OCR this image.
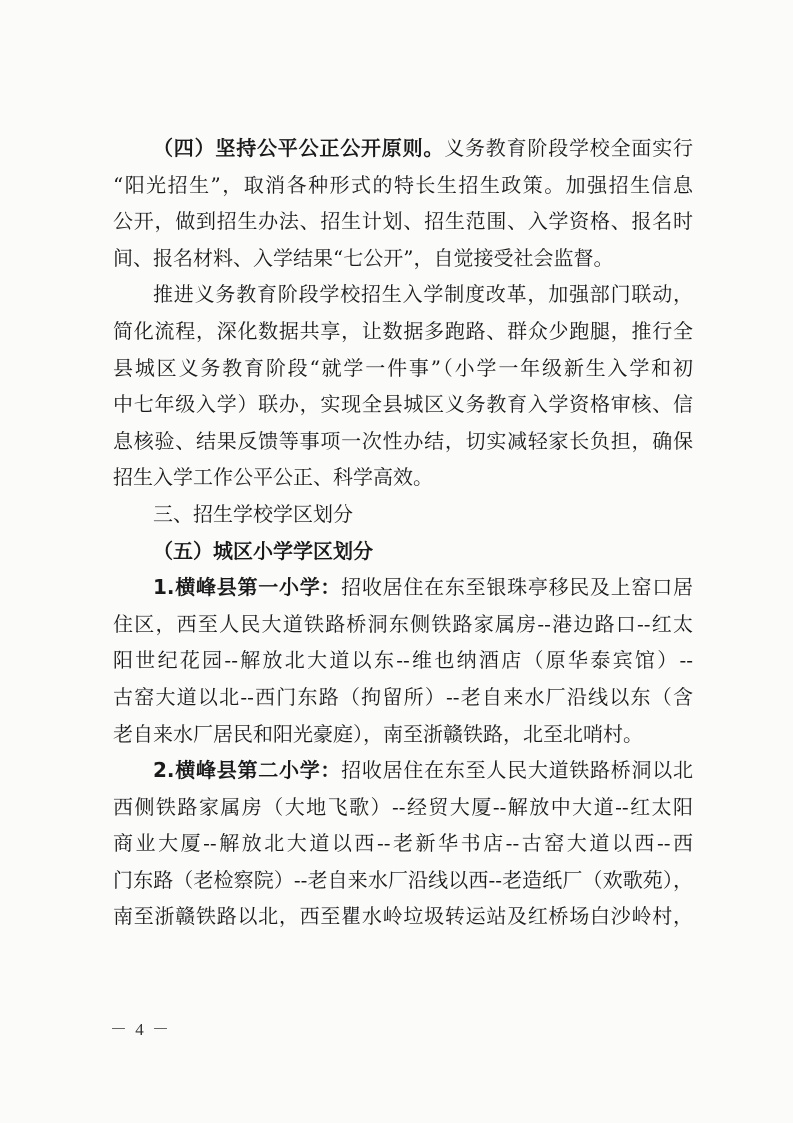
（四）坚持公平公正公开原则。义务教育阶段学校全面实行
“阳光招生”，取消各种形式的特长生招生政策。加强招生信息
公开，做到招生办法、招生计划、招生范围、入学资格、报名时
间、报名材料、入学结果“七公开”，自觉接受社会监督。
推进义务教育阶段学校招生入学制度改革，加强部门联动，
简化流程，深化数据共享，让数据多跑路、群众少跑腿，推行全
县城区义务教育阶段“就学一件事”（小学一年级新生入学和初
中七年级入学）联办，实现全县城区义务教育入学资格审核、信
息核验、结果反馈等事项一次性办结，切实减轻家长负担，确保
招生入学工作公平公正、科学高效。
三、招生学校学区划分
（五）城区小学学区划分
1.横峰县第一小学：招收居住在东至银珠亭移民及上窑口居
住区，西至人民大道铁路桥洞东侧铁路家属房--港边路口--红太
阳世纪花园--解放北大道以东--维也纳酒店（原华泰宾馆）--
古窑大道以北--西门东路（拘留所）--老自来水厂沿线以东（含
老自来水厂居民和阳光豪庭），南至浙赣铁路，北至北哨村。
2.横峰县第二小学：招收居住在东至人民大道铁路桥洞以北
西侧铁路家属房（大地飞歌）--经贸大厦--解放中大道--红太阳
商业大厦--解放北大道以西--老新华书店--古窑大道以西--西
门东路（老检察院）--老自来水厂沿线以西--老造纸厂（欢歌苑），
南至浙赣铁路以北，西至瞿水岭垃圾转运站及红桥场白沙岭村，
－ 4 －
